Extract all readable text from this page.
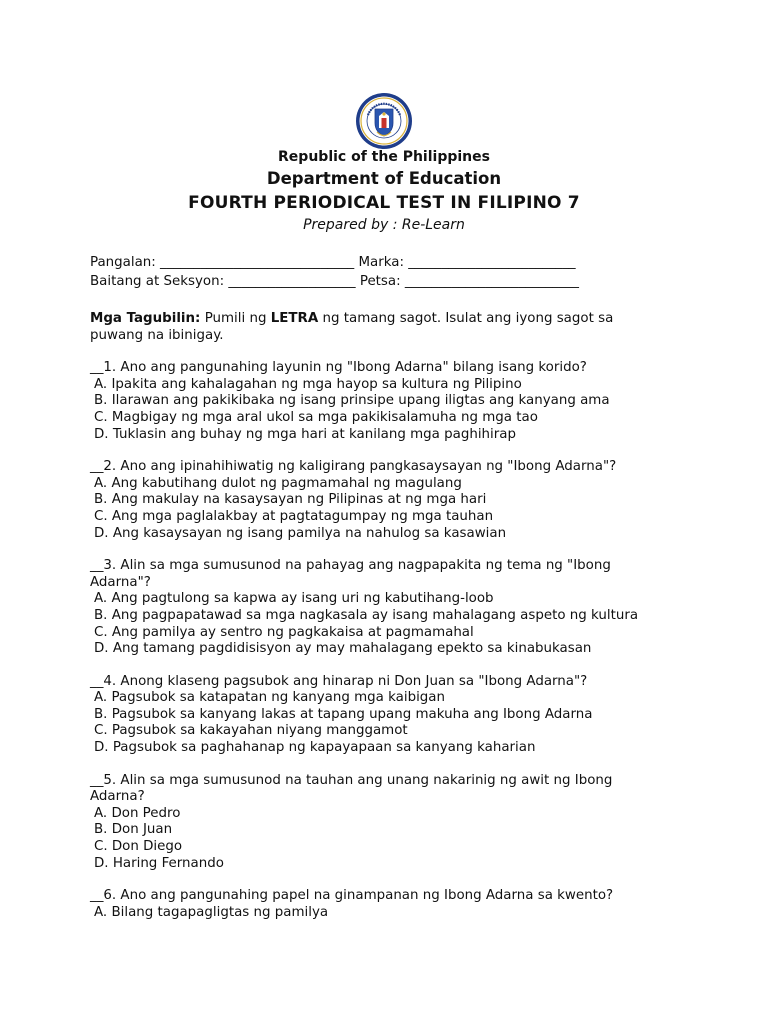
Republic of the Philippines
Department of Education
FOURTH PERIODICAL TEST IN FILIPINO 7
Prepared by : Re-Learn
Pangalan: _____________________________ Marka: _________________________
Baitang at Seksyon: ___________________ Petsa: __________________________
Mga Tagubilin: Pumili ng LETRA ng tamang sagot. Isulat ang iyong sagot sa puwang na ibinigay.
__1. Ano ang pangunahing layunin ng "Ibong Adarna" bilang isang korido?
A. Ipakita ang kahalagahan ng mga hayop sa kultura ng Pilipino
B. Ilarawan ang pakikibaka ng isang prinsipe upang iligtas ang kanyang ama
C. Magbigay ng mga aral ukol sa mga pakikisalamuha ng mga tao
D. Tuklasin ang buhay ng mga hari at kanilang mga paghihirap
__2. Ano ang ipinahihiwatig ng kaligirang pangkasaysayan ng "Ibong Adarna"?
A. Ang kabutihang dulot ng pagmamahal ng magulang
B. Ang makulay na kasaysayan ng Pilipinas at ng mga hari
C. Ang mga paglalakbay at pagtatagumpay ng mga tauhan
D. Ang kasaysayan ng isang pamilya na nahulog sa kasawian
__3. Alin sa mga sumusunod na pahayag ang nagpapakita ng tema ng "Ibong Adarna"?
A. Ang pagtulong sa kapwa ay isang uri ng kabutihang-loob
B. Ang pagpapatawad sa mga nagkasala ay isang mahalagang aspeto ng kultura
C. Ang pamilya ay sentro ng pagkakaisa at pagmamahal
D. Ang tamang pagdidisisyon ay may mahalagang epekto sa kinabukasan
__4. Anong klaseng pagsubok ang hinarap ni Don Juan sa "Ibong Adarna"?
A. Pagsubok sa katapatan ng kanyang mga kaibigan
B. Pagsubok sa kanyang lakas at tapang upang makuha ang Ibong Adarna
C. Pagsubok sa kakayahan niyang manggamot
D. Pagsubok sa paghahanap ng kapayapaan sa kanyang kaharian
__5. Alin sa mga sumusunod na tauhan ang unang nakarinig ng awit ng Ibong Adarna?
A. Don Pedro
B. Don Juan
C. Don Diego
D. Haring Fernando
__6. Ano ang pangunahing papel na ginampanan ng Ibong Adarna sa kwento?
A. Bilang tagapagligtas ng pamilya
